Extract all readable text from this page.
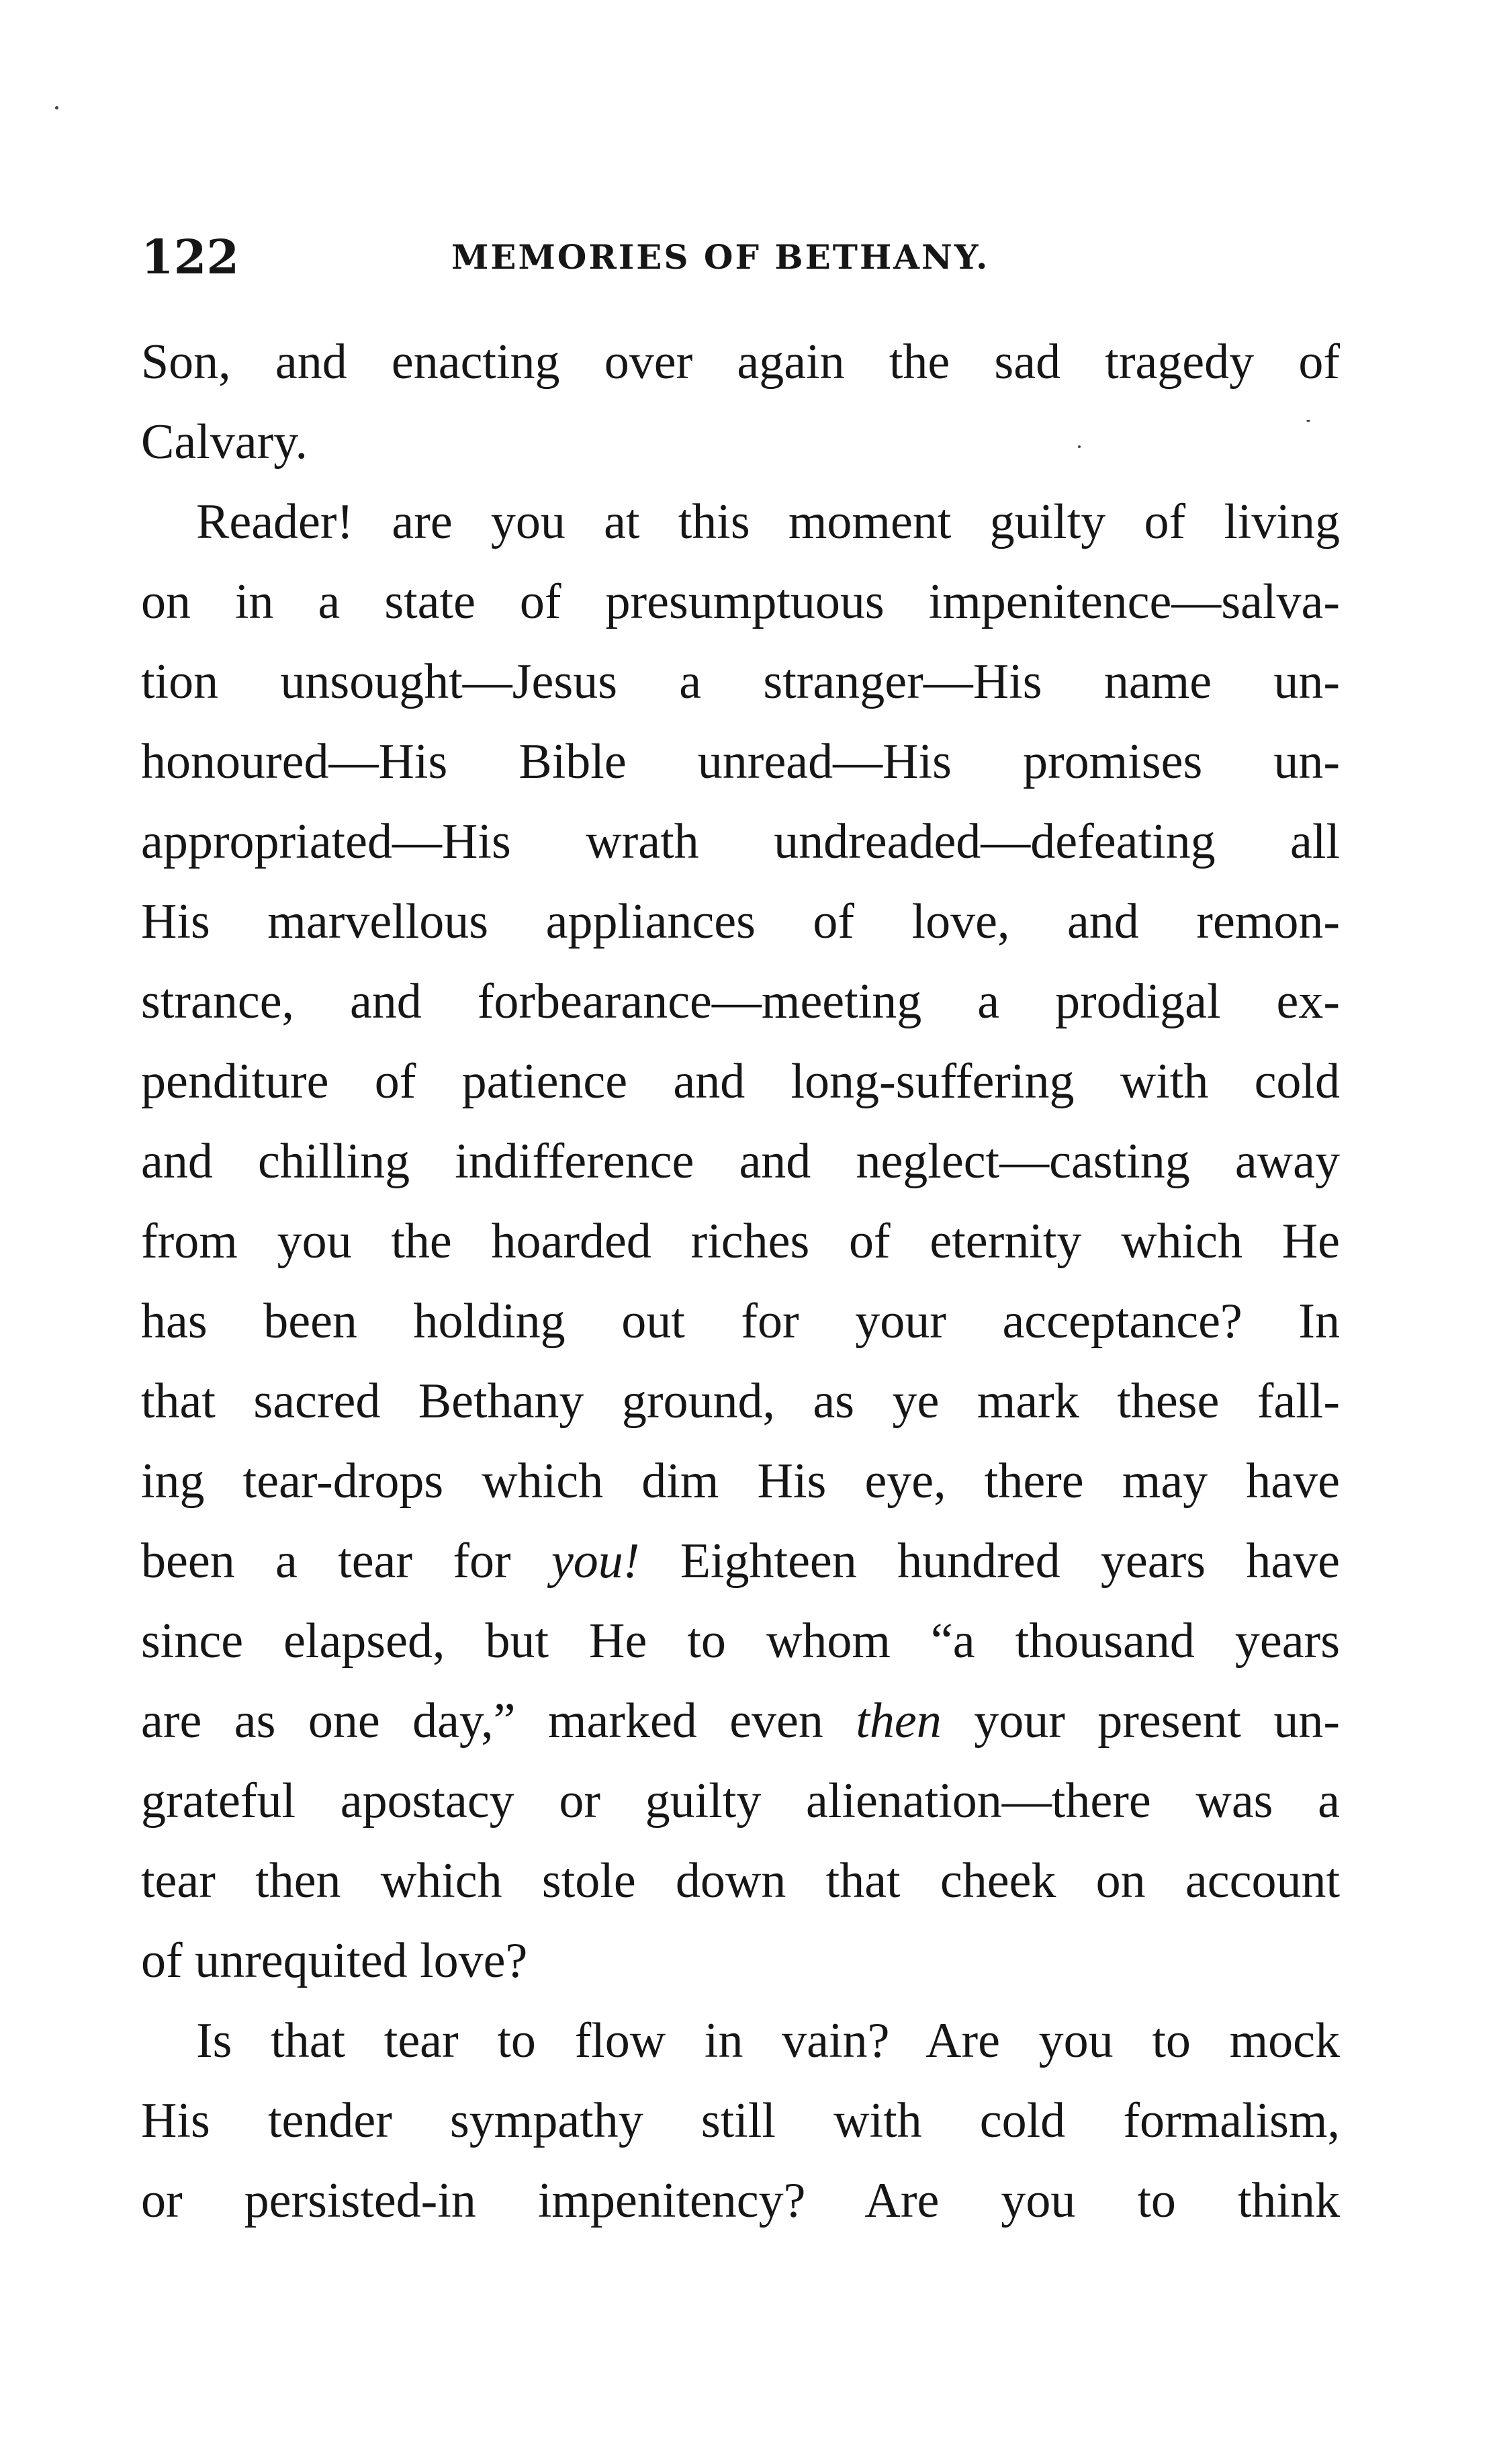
122	MEMORIES OF BETHANY.
Son, and enacting over again the sad tragedy of
Calvary.
Reader! are you at this moment guilty of living
on in a state of presumptuous impenitence—salva-
tion unsought—Jesus a stranger—His name un-
honoured—His Bible unread—His promises un-
appropriated—His wrath undreaded—defeating all
His marvellous appliances of love, and remon-
strance, and forbearance—meeting a prodigal ex-
penditure of patience and long-suffering with cold
and chilling indifference and neglect—casting away
from you the hoarded riches of eternity which He
has been holding out for your acceptance? In
that sacred Bethany ground, as ye mark these fall-
ing tear-drops which dim His eye, there may have
been a tear for you! Eighteen hundred years have
since elapsed, but He to whom “a thousand years
are as one day,” marked even then your present un-
grateful apostacy or guilty alienation—there was a
tear then which stole down that cheek on account
of unrequited love?
Is that tear to flow in vain? Are you to mock
His tender sympathy still with cold formalism,
or persisted-in impenitency? Are you to think
